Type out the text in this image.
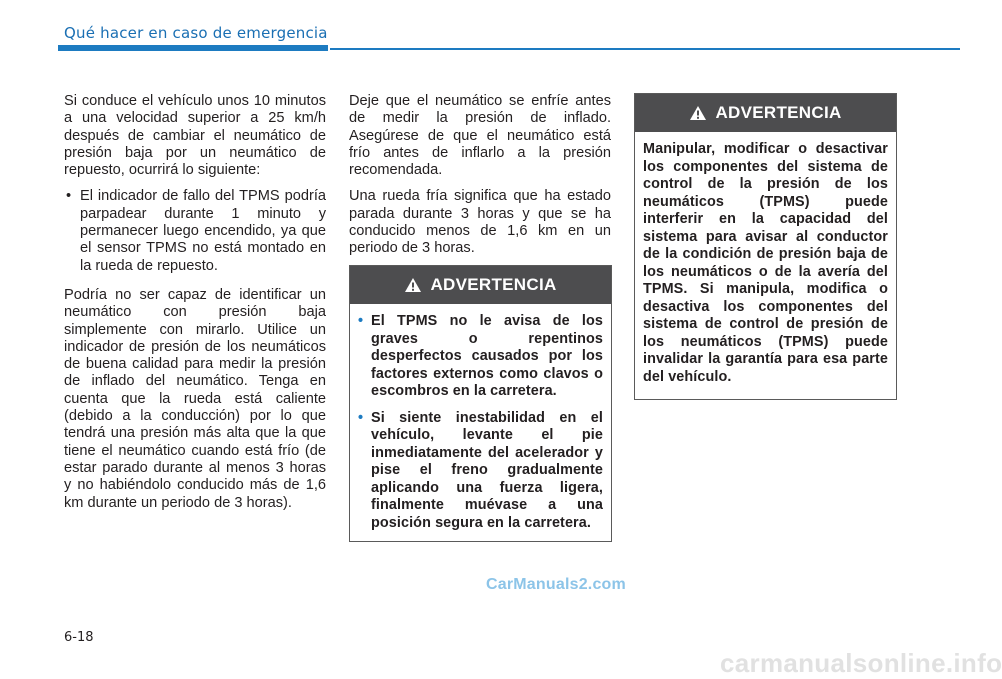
Qué hacer en caso de emergencia

Si conduce el vehículo unos 10 minutos a una velocidad superior a 25 km/h después de cambiar el neumático de presión baja por un neumático de repuesto, ocurrirá lo siguiente:

• El indicador de fallo del TPMS podría parpadear durante 1 minuto y permanecer luego encendido, ya que el sensor TPMS no está montado en la rueda de repuesto.

Podría no ser capaz de identificar un neumático con presión baja simplemente con mirarlo. Utilice un indicador de presión de los neumáticos de buena calidad para medir la presión de inflado del neumático. Tenga en cuenta que la rueda está caliente (debido a la conducción) por lo que tendrá una presión más alta que la que tiene el neumático cuando está frío (de estar parado durante al menos 3 horas y no habiéndolo conducido más de 1,6 km durante un periodo de 3 horas).

Deje que el neumático se enfríe antes de medir la presión de inflado. Asegúrese de que el neumático está frío antes de inflarlo a la presión recomendada.

Una rueda fría significa que ha estado parada durante 3 horas y que se ha conducido menos de 1,6 km en un periodo de 3 horas.

ADVERTENCIA
• El TPMS no le avisa de los graves o repentinos desperfectos causados por los factores externos como clavos o escombros en la carretera.
• Si siente inestabilidad en el vehículo, levante el pie inmediatamente del acelerador y pise el freno gradualmente aplicando una fuerza ligera, finalmente muévase a una posición segura en la carretera.
ADVERTENCIA
Manipular, modificar o desactivar los componentes del sistema de control de la presión de los neumáticos (TPMS) puede interferir en la capacidad del sistema para avisar al conductor de la condición de presión baja de los neumáticos o de la avería del TPMS. Si manipula, modifica o desactiva los componentes del sistema de control de presión de los neumáticos (TPMS) puede invalidar la garantía para esa parte del vehículo.
CarManuals2.com
6-18
carmanualsonline.info
